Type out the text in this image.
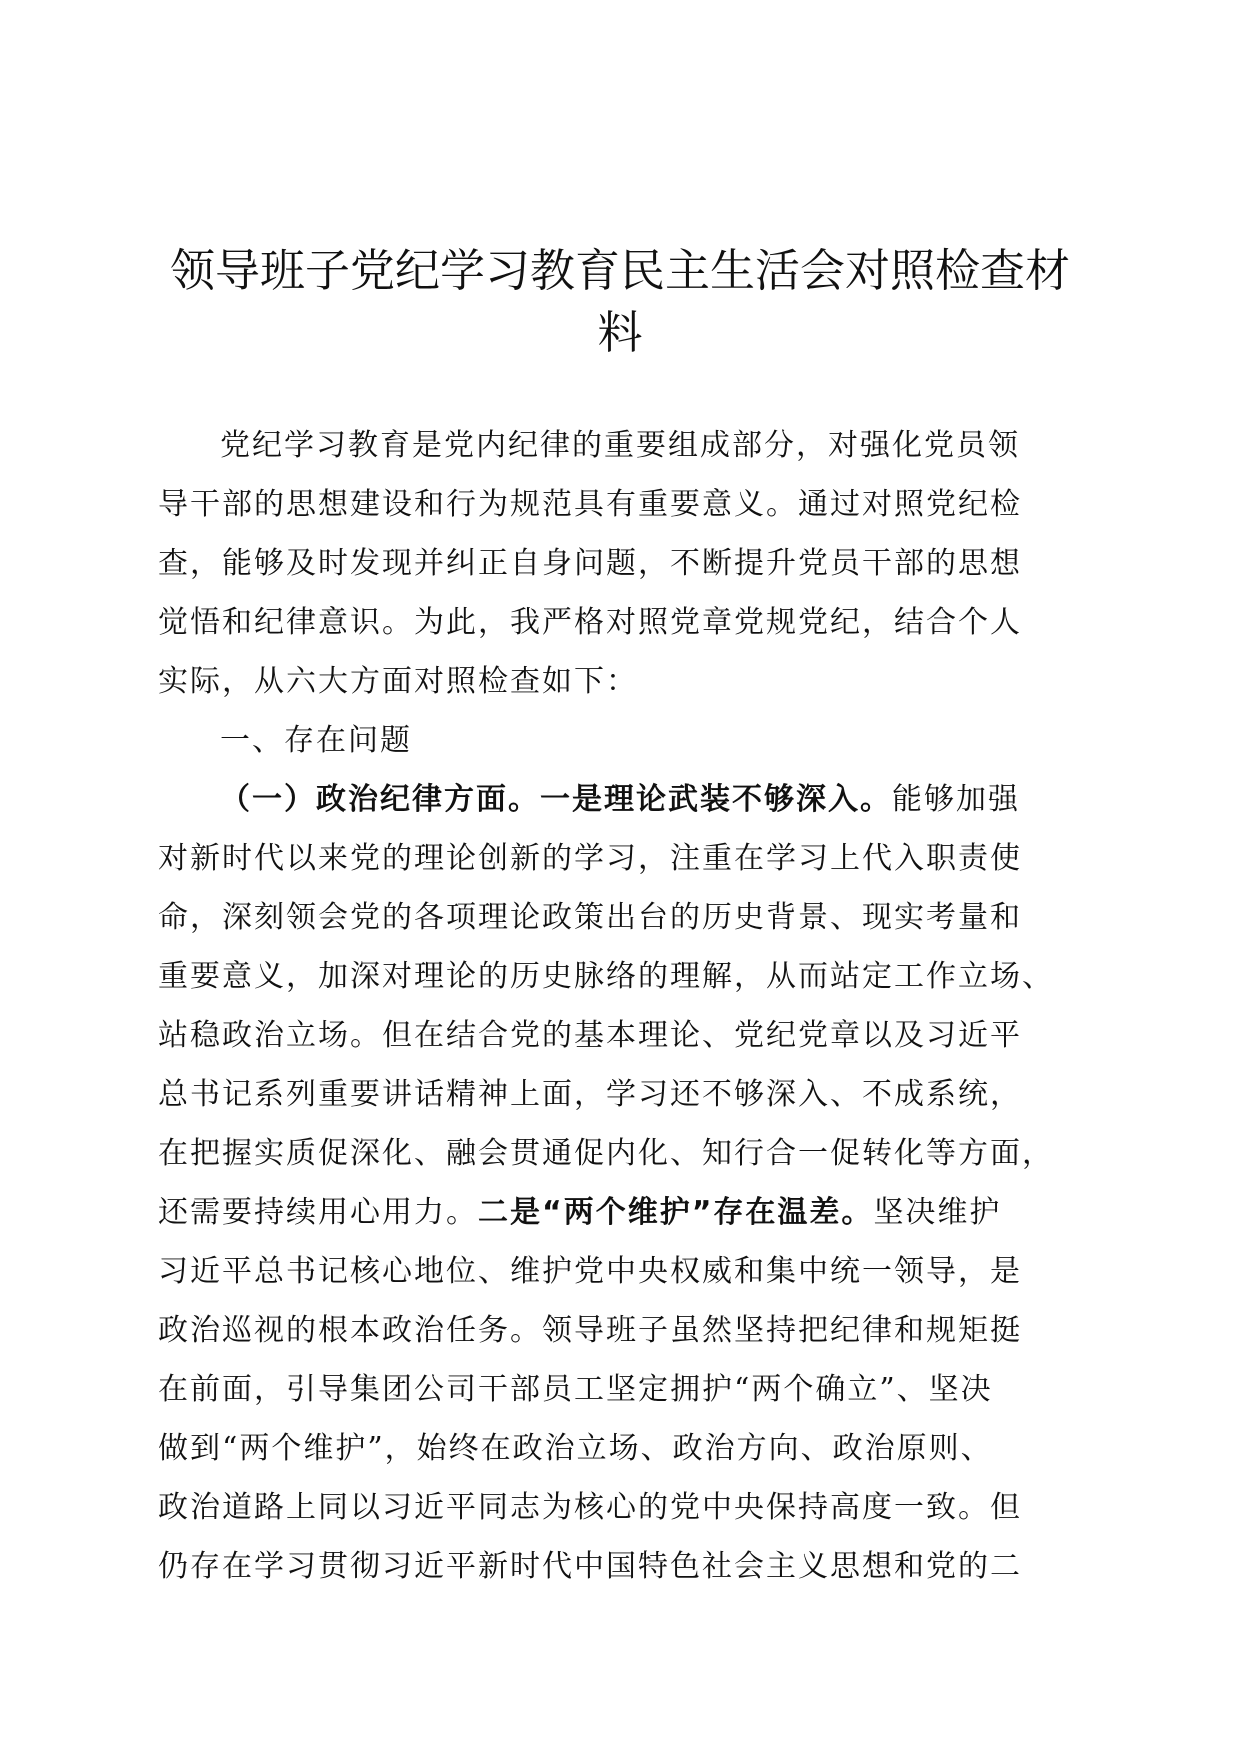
领导班子党纪学习教育民主生活会对照检查材
料
党纪学习教育是党内纪律的重要组成部分，对强化党员领
导干部的思想建设和行为规范具有重要意义。通过对照党纪检
查，能够及时发现并纠正自身问题，不断提升党员干部的思想
觉悟和纪律意识。为此，我严格对照党章党规党纪，结合个人
实际，从六大方面对照检查如下：
一、存在问题
（一）政治纪律方面。一是理论武装不够深入。能够加强
对新时代以来党的理论创新的学习，注重在学习上代入职责使
命，深刻领会党的各项理论政策出台的历史背景、现实考量和
重要意义，加深对理论的历史脉络的理解，从而站定工作立场、
站稳政治立场。但在结合党的基本理论、党纪党章以及习近平
总书记系列重要讲话精神上面，学习还不够深入、不成系统，
在把握实质促深化、融会贯通促内化、知行合一促转化等方面，
还需要持续用心用力。二是“两个维护”存在温差。坚决维护
习近平总书记核心地位、维护党中央权威和集中统一领导，是
政治巡视的根本政治任务。领导班子虽然坚持把纪律和规矩挺
在前面，引导集团公司干部员工坚定拥护“两个确立”、坚决
做到“两个维护”，始终在政治立场、政治方向、政治原则、
政治道路上同以习近平同志为核心的党中央保持高度一致。但
仍存在学习贯彻习近平新时代中国特色社会主义思想和党的二
